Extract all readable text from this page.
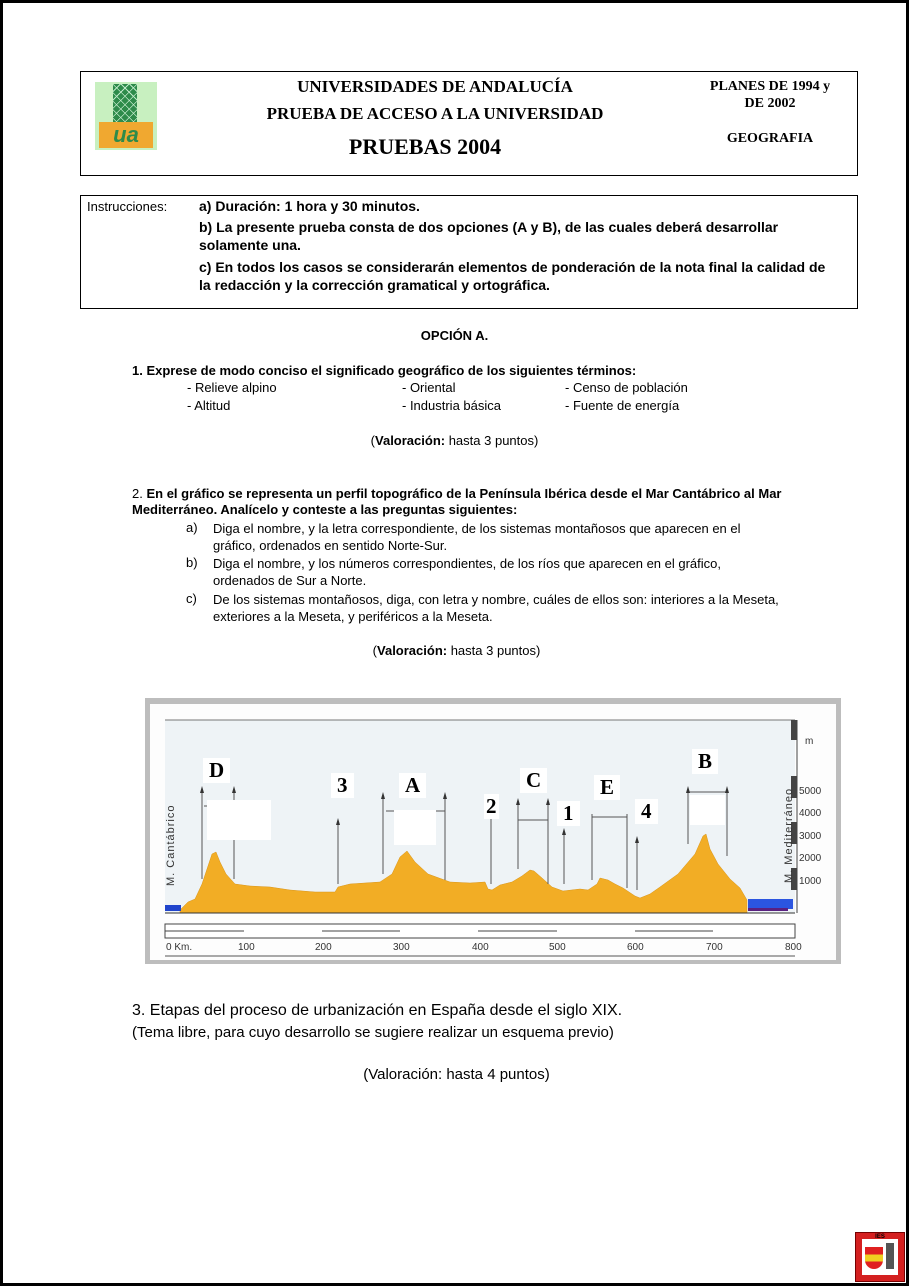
ua
UNIVERSIDADES DE ANDALUCÍA
PRUEBA DE ACCESO A LA UNIVERSIDAD
PRUEBAS 2004
PLANES DE 1994 y
DE 2002
GEOGRAFIA
Instrucciones: a) Duración: 1 hora y 30 minutos.
b) La presente prueba consta de dos opciones (A y B), de las cuales deberá desarrollar solamente una.
c) En todos los casos se considerarán elementos de ponderación de la nota final la calidad de la redacción y la corrección gramatical y ortográfica.
OPCIÓN A.
1. Exprese de modo conciso el significado geográfico de los siguientes términos:
- Relieve alpino	- Oriental	- Censo de población
- Altitud	- Industria básica	- Fuente de energía
(Valoración: hasta 3 puntos)
2. En el gráfico se representa un perfil topográfico de la Península Ibérica desde el Mar Cantábrico al Mar Mediterráneo. Analícelo y conteste a las preguntas siguientes:
a) Diga el nombre, y la letra correspondiente, de los sistemas montañosos que aparecen en el gráfico, ordenados en sentido Norte-Sur.
b) Diga el nombre, y los números correspondientes, de los ríos que aparecen en el gráfico, ordenados de Sur a Norte.
c) De los sistemas montañosos, diga, con letra y nombre, cuáles de ellos son: interiores a la Meseta, exteriores a la Meseta, y periféricos a la Meseta.
(Valoración: hasta 3 puntos)
D
A	C	E
B
3
2	1	4
M. Cantábrico	M. Mediterráneo
m
5000
4000
3000
2000
1000
0 Km.	100	200	300	400	500	600	700	800
3. Etapas del proceso de urbanización en España desde el siglo XIX.
(Tema libre, para cuyo desarrollo se sugiere realizar un esquema previo)
(Valoración: hasta 4 puntos)
IES
